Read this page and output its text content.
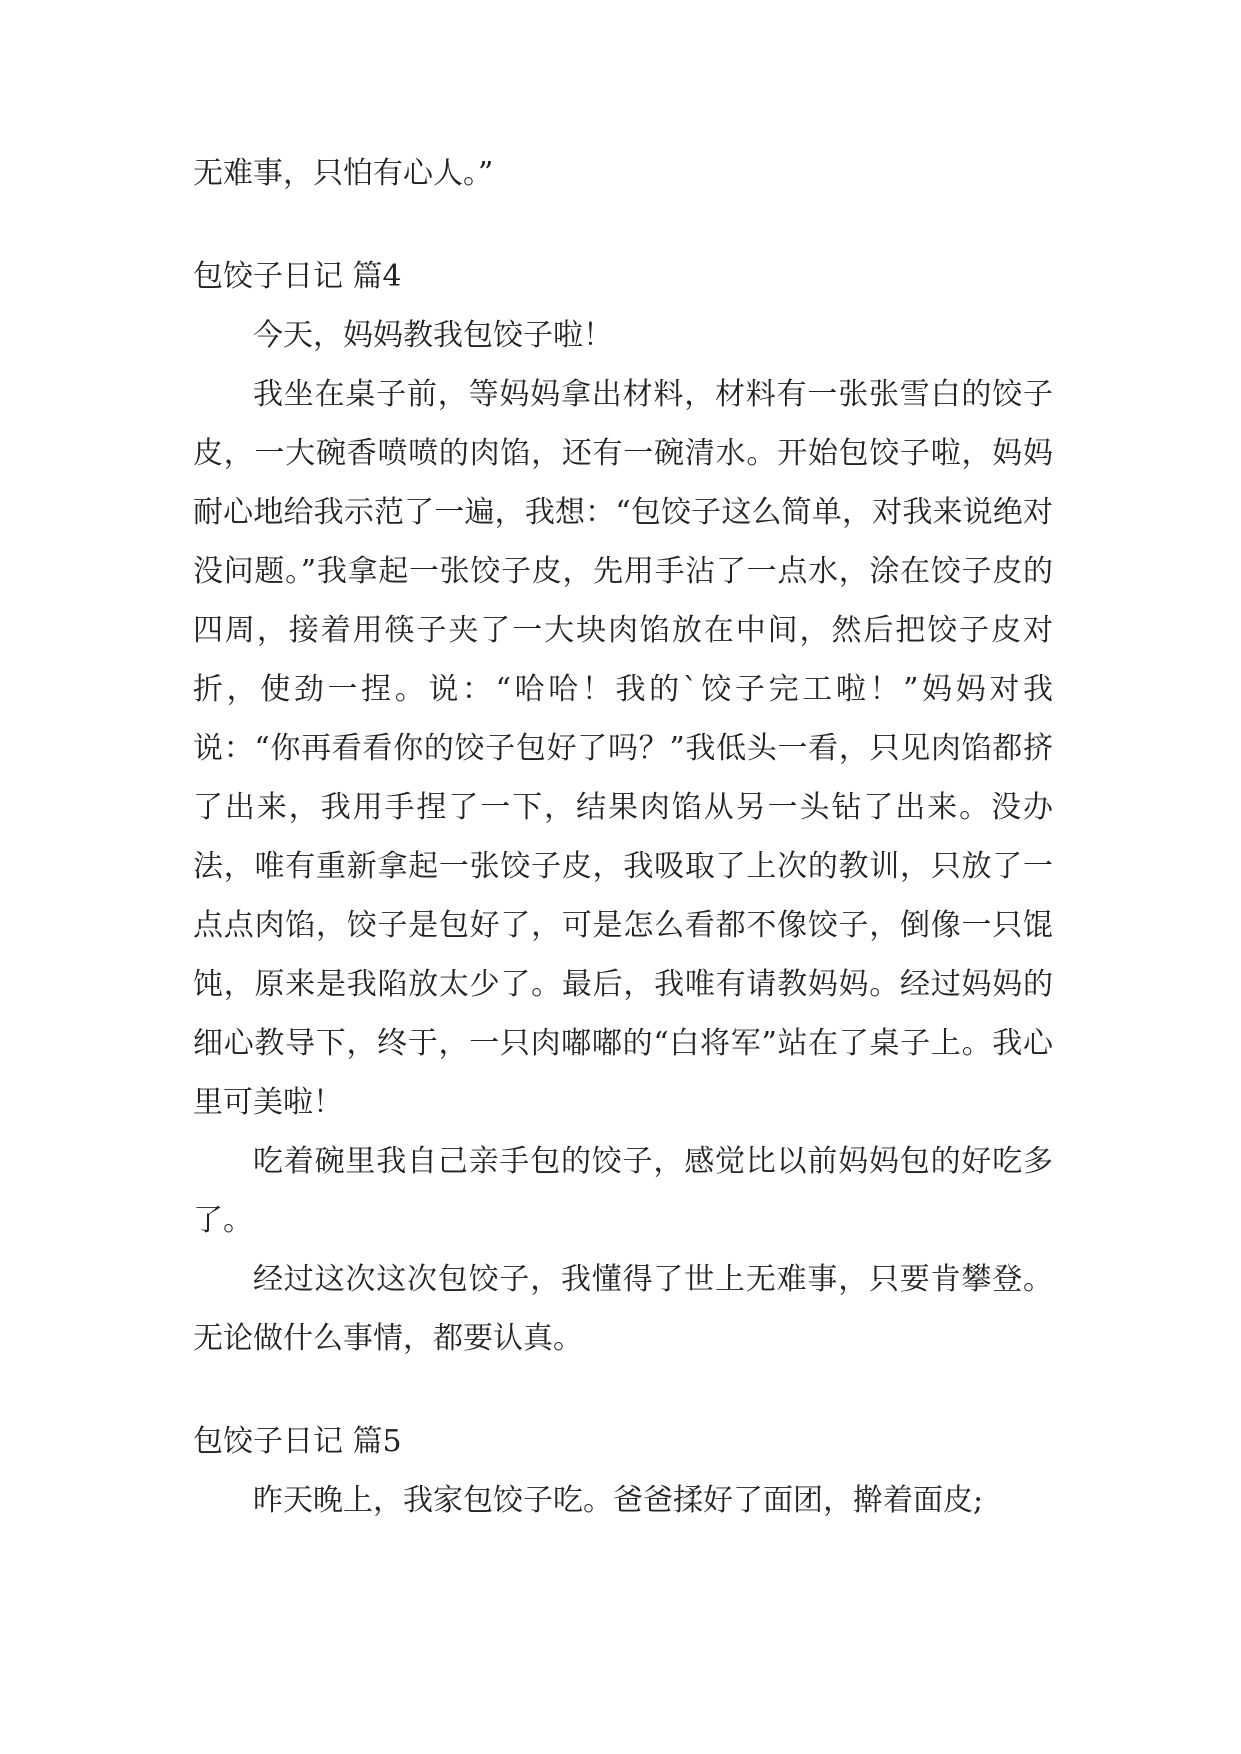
无难事，只怕有心人。”

包饺子日记 篇4

今天，妈妈教我包饺子啦！

我坐在桌子前，等妈妈拿出材料，材料有一张张雪白的饺子皮，一大碗香喷喷的肉馅，还有一碗清水。开始包饺子啦，妈妈耐心地给我示范了一遍，我想：“包饺子这么简单，对我来说绝对没问题。”我拿起一张饺子皮，先用手沾了一点水，涂在饺子皮的四周，接着用筷子夹了一大块肉馅放在中间，然后把饺子皮对折，使劲一捏。说：“哈哈！我的`饺子完工啦！”妈妈对我说：“你再看看你的饺子包好了吗？”我低头一看，只见肉馅都挤了出来，我用手捏了一下，结果肉馅从另一头钻了出来。没办法，唯有重新拿起一张饺子皮，我吸取了上次的教训，只放了一点点肉馅，饺子是包好了，可是怎么看都不像饺子，倒像一只馄饨，原来是我陷放太少了。最后，我唯有请教妈妈。经过妈妈的细心教导下，终于，一只肉嘟嘟的“白将军”站在了桌子上。我心里可美啦！

吃着碗里我自己亲手包的饺子，感觉比以前妈妈包的好吃多了。

经过这次这次包饺子，我懂得了世上无难事，只要肯攀登。无论做什么事情，都要认真。

包饺子日记 篇5

昨天晚上，我家包饺子吃。爸爸揉好了面团，擀着面皮;
